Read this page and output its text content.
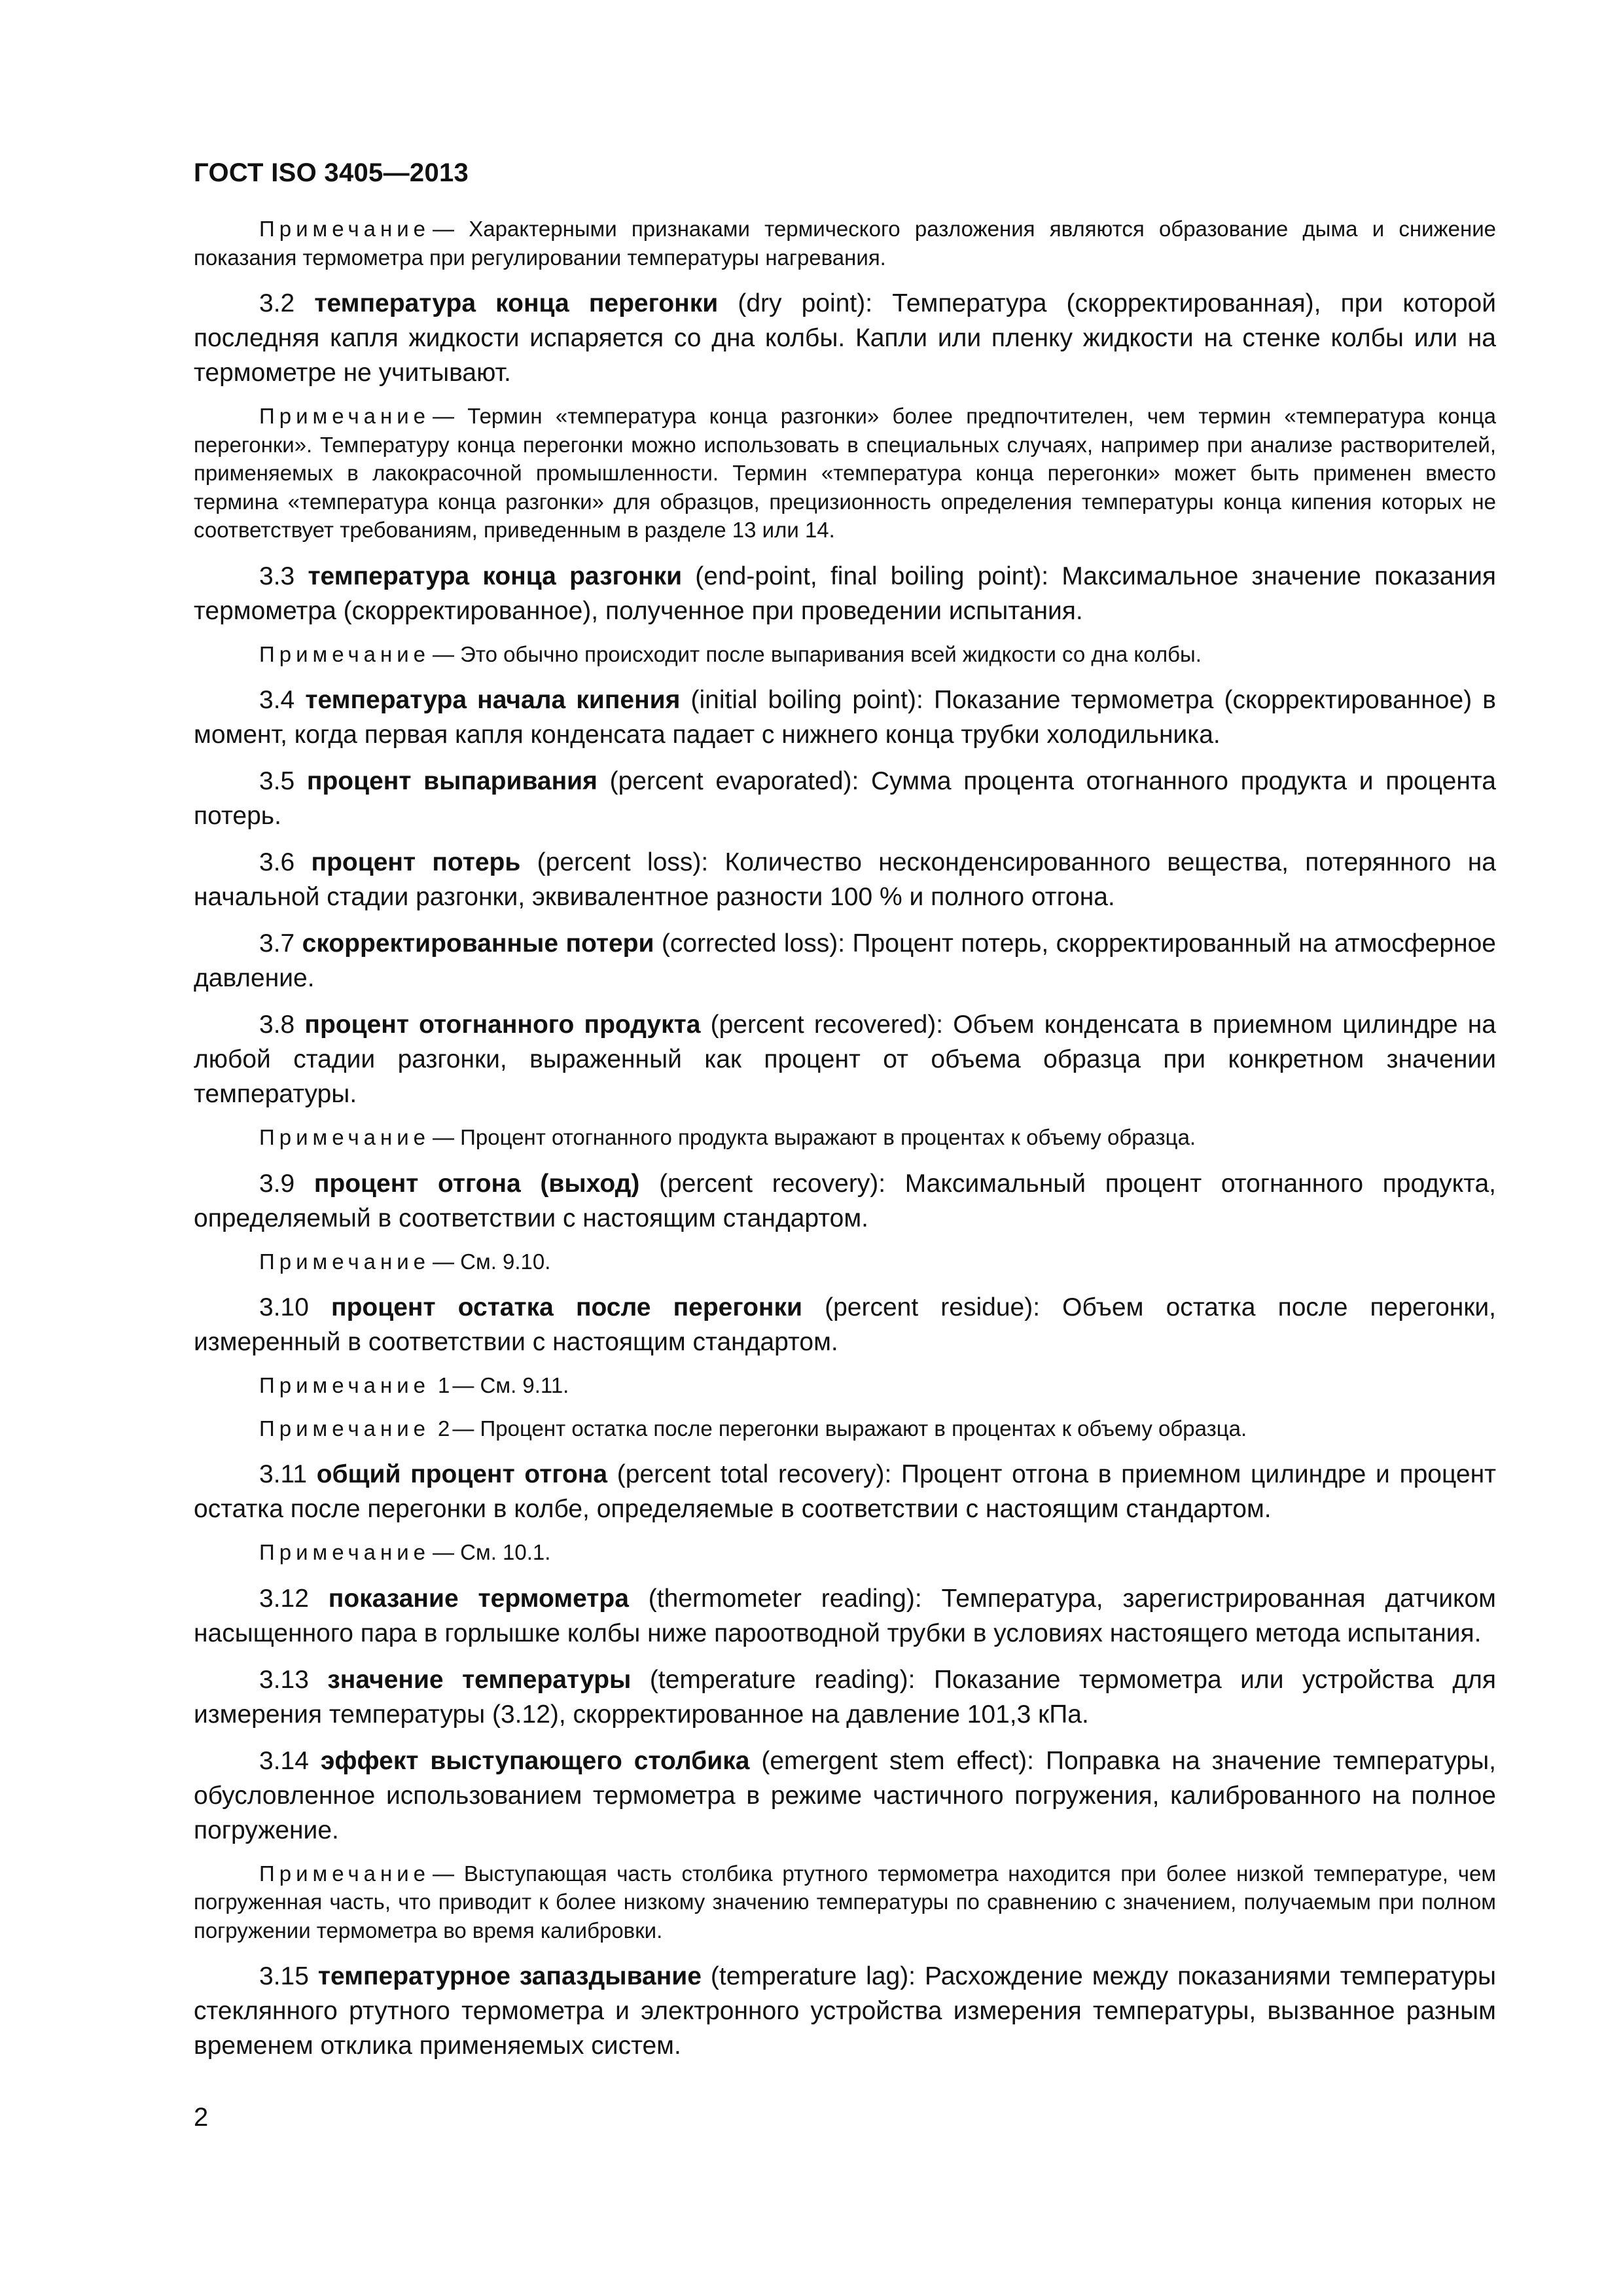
ГОСТ ISO 3405—2013

Примечание — Характерными признаками термического разложения являются образование дыма и снижение показания термометра при регулировании температуры нагревания.

3.2 температура конца перегонки (dry point): Температура (скорректированная), при которой последняя капля жидкости испаряется со дна колбы. Капли или пленку жидкости на стенке колбы или на термометре не учитывают.

Примечание — Термин «температура конца разгонки» более предпочтителен, чем термин «температура конца перегонки». Температуру конца перегонки можно использовать в специальных случаях, например при анализе растворителей, применяемых в лакокрасочной промышленности. Термин «температура конца перегонки» может быть применен вместо термина «температура конца разгонки» для образцов, прецизионность определения температуры конца кипения которых не соответствует требованиям, приведенным в разделе 13 или 14.

3.3 температура конца разгонки (end-point, final boiling point): Максимальное значение показания термометра (скорректированное), полученное при проведении испытания.

Примечание — Это обычно происходит после выпаривания всей жидкости со дна колбы.

3.4 температура начала кипения (initial boiling point): Показание термометра (скорректированное) в момент, когда первая капля конденсата падает с нижнего конца трубки холодильника.

3.5 процент выпаривания (percent evaporated): Сумма процента отогнанного продукта и процента потерь.

3.6 процент потерь (percent loss): Количество несконденсированного вещества, потерянного на начальной стадии разгонки, эквивалентное разности 100 % и полного отгона.

3.7 скорректированные потери (corrected loss): Процент потерь, скорректированный на атмосферное давление.

3.8 процент отогнанного продукта (percent recovered): Объем конденсата в приемном цилиндре на любой стадии разгонки, выраженный как процент от объема образца при конкретном значении температуры.

Примечание — Процент отогнанного продукта выражают в процентах к объему образца.

3.9 процент отгона (выход) (percent recovery): Максимальный процент отогнанного продукта, определяемый в соответствии с настоящим стандартом.

Примечание — См. 9.10.

3.10 процент остатка после перегонки (percent residue): Объем остатка после перегонки, измеренный в соответствии с настоящим стандартом.

Примечание 1 — См. 9.11.

Примечание 2 — Процент остатка после перегонки выражают в процентах к объему образца.

3.11 общий процент отгона (percent total recovery): Процент отгона в приемном цилиндре и процент остатка после перегонки в колбе, определяемые в соответствии с настоящим стандартом.

Примечание — См. 10.1.

3.12 показание термометра (thermometer reading): Температура, зарегистрированная датчиком насыщенного пара в горлышке колбы ниже пароотводной трубки в условиях настоящего метода испытания.

3.13 значение температуры (temperature reading): Показание термометра или устройства для измерения температуры (3.12), скорректированное на давление 101,3 кПа.

3.14 эффект выступающего столбика (emergent stem effect): Поправка на значение температуры, обусловленное использованием термометра в режиме частичного погружения, калиброванного на полное погружение.

Примечание — Выступающая часть столбика ртутного термометра находится при более низкой температуре, чем погруженная часть, что приводит к более низкому значению температуры по сравнению с значением, получаемым при полном погружении термометра во время калибровки.

3.15 температурное запаздывание (temperature lag): Расхождение между показаниями температуры стеклянного ртутного термометра и электронного устройства измерения температуры, вызванное разным временем отклика применяемых систем.

2
